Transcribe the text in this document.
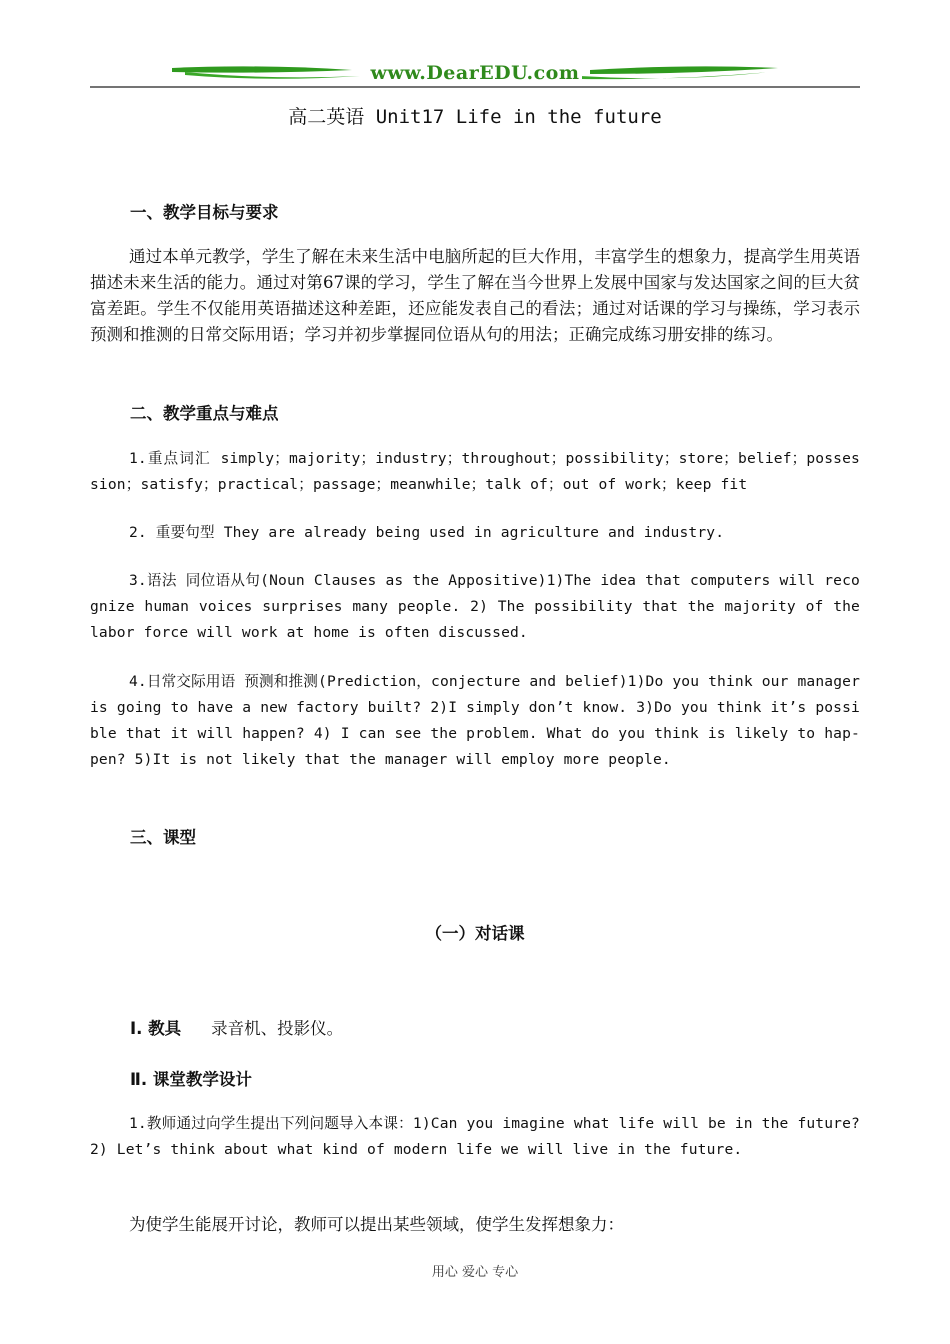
www.DearEDU.com
高二英语 Unit17 Life in the future
一、教学目标与要求

通过本单元教学，学生了解在未来生活中电脑所起的巨大作用，丰富学生的想象力，提高学生用英语描述未来生活的能力。通过对第67课的学习，学生了解在当今世界上发展中国家与发达国家之间的巨大贫富差距。学生不仅能用英语描述这种差距，还应能发表自己的看法；通过对话课的学习与操练，学习表示预测和推测的日常交际用语；学习并初步掌握同位语从句的用法；正确完成练习册安排的练习。

二、教学重点与难点

1.重点词汇 simply；majority；industry；throughout；possibility；store；belief；possession；satisfy；practical；passage；meanwhile；talk of；out of work；keep fit

2. 重要句型 They are already being used in agriculture and industry.

3.语法 同位语从句(Noun Clauses as the Appositive)1)The idea that computers will recognize human voices surprises many people. 2) The possibility that the majority of the labor force will work at home is often discussed.

4.日常交际用语 预测和推测(Prediction，conjecture and belief)1)Do you think our manager is going to have a new factory built? 2)I simply don’t know. 3)Do you think it’s possible that it will happen? 4) I can see the problem. What do you think is likely to hap-pen? 5)It is not likely that the manager will employ more people.

三、课型
（一）对话课
Ⅰ. 教具 录音机、投影仪。
Ⅱ. 课堂教学设计

1.教师通过向学生提出下列问题导入本课：1)Can you imagine what life will be in the future? 2) Let’s think about what kind of modern life we will live in the future.

为使学生能展开讨论，教师可以提出某些领域，使学生发挥想象力：

用心 爱心 专心
